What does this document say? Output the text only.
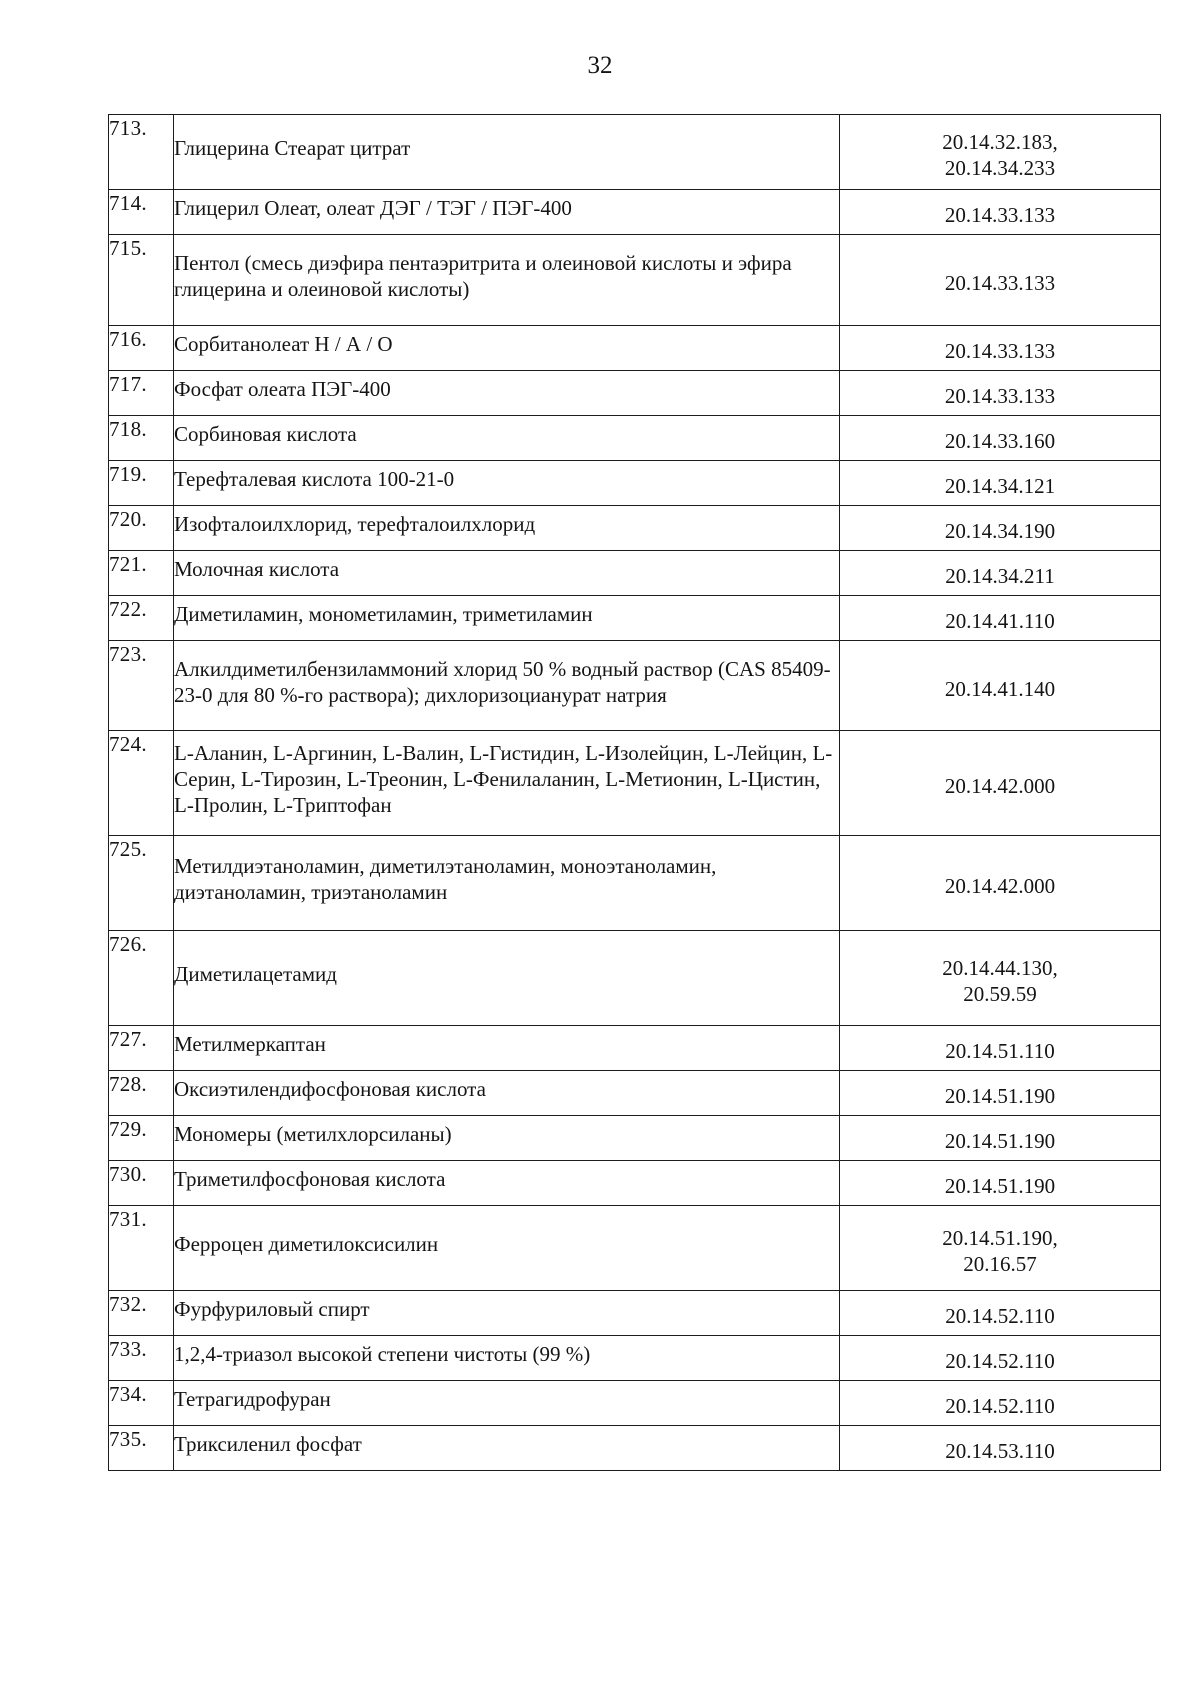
32
713.	Глицерина Стеарат цитрат	20.14.32.183,
20.14.34.233

714.	Глицерил Олеат, олеат ДЭГ / ТЭГ / ПЭГ-400	20.14.33.133

715.	Пентол (смесь диэфира пентаэритрита и олеиновой кислоты и эфира глицерина и олеиновой кислоты)	20.14.33.133

716.	Сорбитанолеат Н / А / О	20.14.33.133

717.	Фосфат олеата ПЭГ-400	20.14.33.133

718.	Сорбиновая кислота	20.14.33.160

719.	Терефталевая кислота 100-21-0	20.14.34.121

720.	Изофталоилхлорид, терефталоилхлорид	20.14.34.190

721.	Молочная кислота	20.14.34.211

722.	Диметиламин, монометиламин, триметиламин	20.14.41.110

723.	Алкилдиметилбензиламмоний хлорид 50 % водный раствор (CAS 85409-23-0 для 80 %-го раствора); дихлоризоцианурат натрия	20.14.41.140

724.	L-Аланин, L-Аргинин, L-Валин, L-Гистидин, L-Изолейцин, L-Лейцин, L-Серин, L-Тирозин, L-Треонин, L-Фенилаланин, L-Метионин, L-Цистин, L-Пролин, L-Триптофан	20.14.42.000

725.	Метилдиэтаноламин, диметилэтаноламин, моноэтаноламин, диэтаноламин, триэтаноламин	20.14.42.000

726.	Диметилацетамид	20.14.44.130,
20.59.59

727.	Метилмеркаптан	20.14.51.110

728.	Оксиэтилендифосфоновая кислота	20.14.51.190

729.	Мономеры (метилхлорсиланы)	20.14.51.190

730.	Триметилфосфоновая кислота	20.14.51.190

731.	Ферроцен диметилоксисилин	20.14.51.190,
20.16.57

732.	Фурфуриловый спирт	20.14.52.110

733.	1,2,4-триазол высокой степени чистоты (99 %)	20.14.52.110

734.	Тетрагидрофуран	20.14.52.110

735.	Триксиленил фосфат	20.14.53.110
